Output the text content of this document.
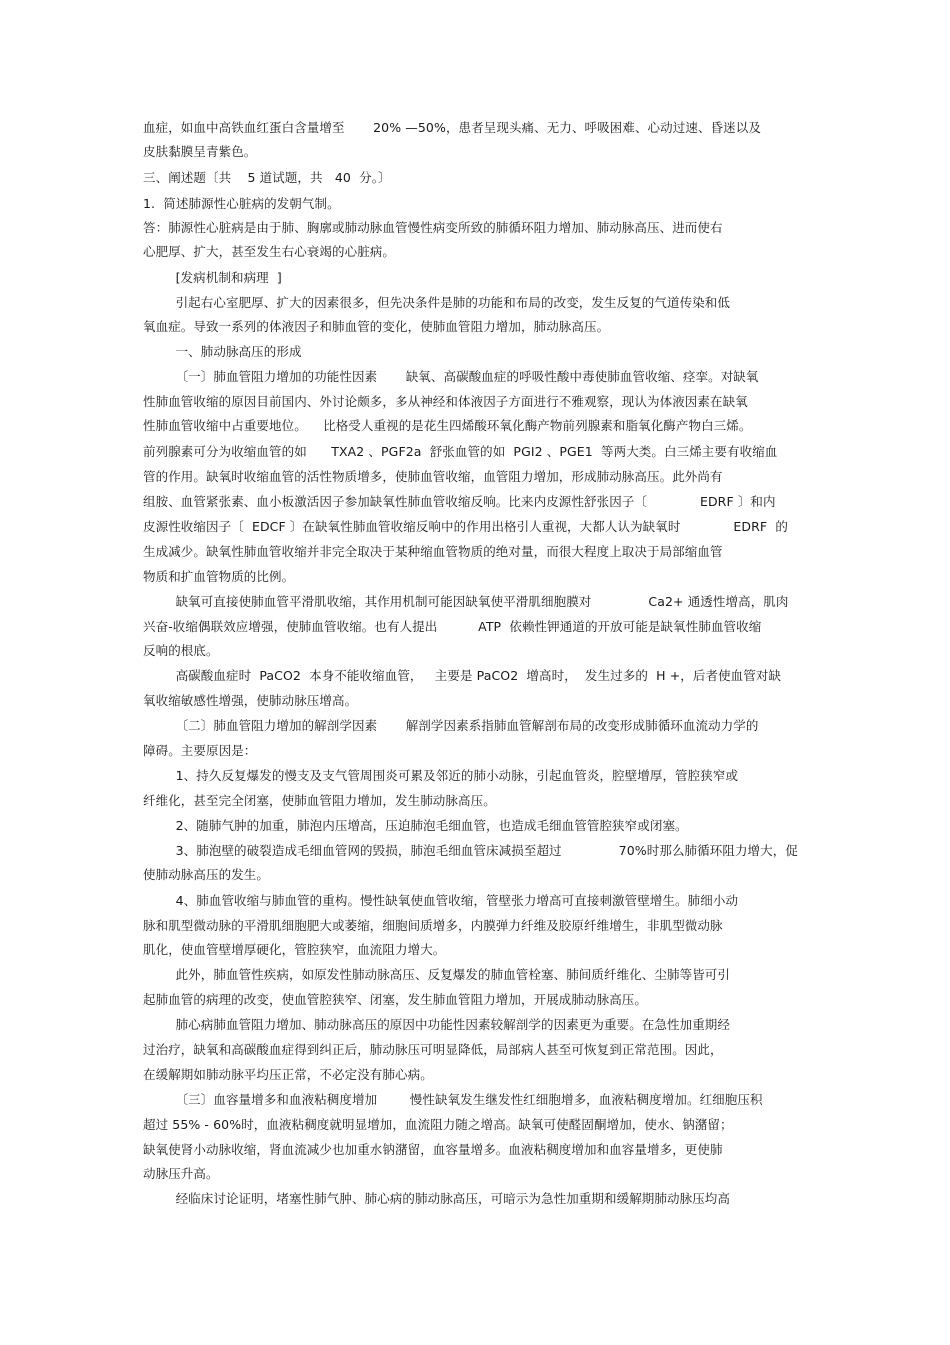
血症，如血中高铁血红蛋白含量增至       20% —50%，患者呈现头痛、无力、呼吸困难、心动过速、昏迷以及
皮肤黏膜呈青紫色。
三、阐述题〔共    5 道试题，共   40  分。〕
1.  简述肺源性心脏病的发朝气制。
答：肺源性心脏病是由于肺、胸廓或肺动脉血管慢性病变所致的肺循环阻力增加、肺动脉高压、进而使右
心肥厚、扩大，甚至发生右心衰竭的心脏病。
[发病机制和病理  ]
引起右心室肥厚、扩大的因素很多，但先决条件是肺的功能和布局的改变，发生反复的气道传染和低
氧血症。导致一系列的体液因子和肺血管的变化，使肺血管阻力增加，肺动脉高压。
一、肺动脉高压的形成
〔一〕肺血管阻力增加的功能性因素       缺氧、高碳酸血症的呼吸性酸中毒使肺血管收缩、痉挛。对缺氧
性肺血管收缩的原因目前国内、外讨论颇多，多从神经和体液因子方面进行不雅观察，现认为体液因素在缺氧
性肺血管收缩中占重要地位。    比格受人重视的是花生四烯酸环氧化酶产物前列腺素和脂氧化酶产物白三烯。
前列腺素可分为收缩血管的如      TXA2 、PGF2a  舒张血管的如  PGI2 、PGE1  等两大类。白三烯主要有收缩血
管的作用。缺氧时收缩血管的活性物质增多，使肺血管收缩，血管阻力增加，形成肺动脉高压。此外尚有
组胺、血管紧张素、血小板激活因子参加缺氧性肺血管收缩反响。比来内皮源性舒张因子〔             EDRF 〕和内
皮源性收缩因子〔  EDCF 〕在缺氧性肺血管收缩反响中的作用出格引人重视，大都人认为缺氧时             EDRF  的
生成减少。缺氧性肺血管收缩并非完全取决于某种缩血管物质的绝对量，而很大程度上取决于局部缩血管
物质和扩血管物质的比例。
缺氧可直接使肺血管平滑肌收缩，其作用机制可能因缺氧使平滑肌细胞膜对              Ca2+ 通透性增高，肌肉
兴奋-收缩偶联效应增强，使肺血管收缩。也有人提出          ATP  依赖性钾通道的开放可能是缺氧性肺血管收缩
反响的根底。
高碳酸血症时  PaCO2  本身不能收缩血管，   主要是 PaCO2  增高时，  发生过多的  H +，后者使血管对缺
氧收缩敏感性增强，使肺动脉压增高。
〔二〕肺血管阻力增加的解剖学因素       解剖学因素系指肺血管解剖布局的改变形成肺循环血流动力学的
障碍。主要原因是：
1、持久反复爆发的慢支及支气管周围炎可累及邻近的肺小动脉，引起血管炎，腔壁增厚，管腔狭窄或
纤维化，甚至完全闭塞，使肺血管阻力增加，发生肺动脉高压。
2、随肺气肿的加重，肺泡内压增高，压迫肺泡毛细血管，也造成毛细血管管腔狭窄或闭塞。
3、肺泡壁的破裂造成毛细血管网的毁损，肺泡毛细血管床减损至超过              70%时那么肺循环阻力增大，促
使肺动脉高压的发生。
4、肺血管收缩与肺血管的重构。慢性缺氧使血管收缩，管壁张力增高可直接刺激管壁增生。肺细小动
脉和肌型微动脉的平滑肌细胞肥大或萎缩，细胞间质增多，内膜弹力纤维及胶原纤维增生，非肌型微动脉
肌化，使血管壁增厚硬化，管腔狭窄，血流阻力增大。
此外，肺血管性疾病，如原发性肺动脉高压、反复爆发的肺血管栓塞、肺间质纤维化、尘肺等皆可引
起肺血管的病理的改变，使血管腔狭窄、闭塞，发生肺血管阻力增加，开展成肺动脉高压。
肺心病肺血管阻力增加、肺动脉高压的原因中功能性因素较解剖学的因素更为重要。在急性加重期经
过治疗，缺氧和高碳酸血症得到纠正后，肺动脉压可明显降低，局部病人甚至可恢复到正常范围。因此，
在缓解期如肺动脉平均压正常，不必定没有肺心病。
〔三〕血容量增多和血液粘稠度增加        慢性缺氧发生继发性红细胞增多，血液粘稠度增加。红细胞压积
超过 55% - 60%时，血液粘稠度就明显增加，血流阻力随之增高。缺氧可使醛固酮增加，使水、钠潴留；
缺氧使肾小动脉收缩，肾血流减少也加重水钠潴留，血容量增多。血液粘稠度增加和血容量增多，更使肺
动脉压升高。
经临床讨论证明，堵塞性肺气肿、肺心病的肺动脉高压，可暗示为急性加重期和缓解期肺动脉压均高
